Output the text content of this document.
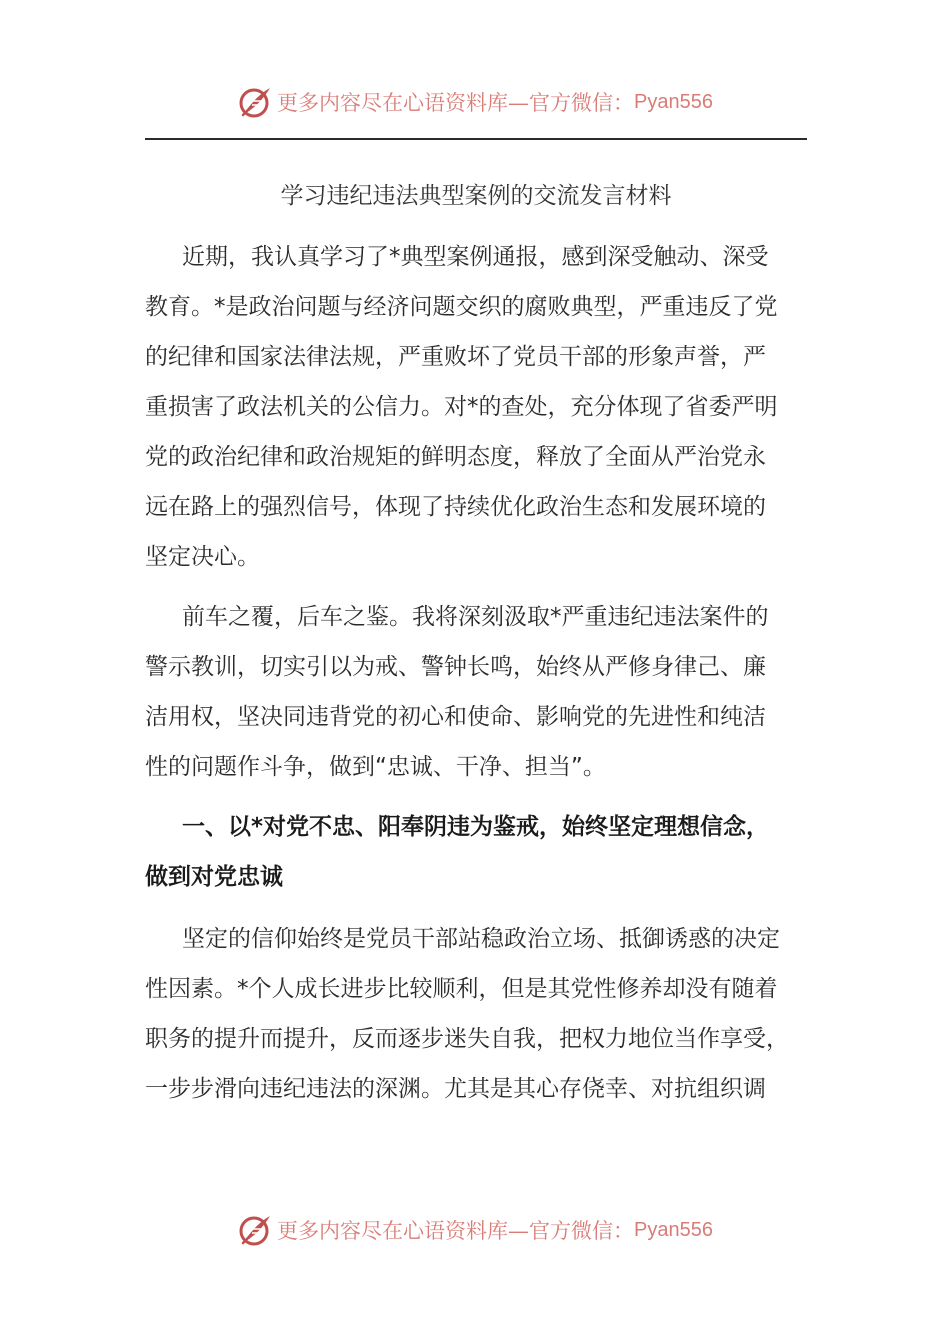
更多内容尽在心语资料库—官方微信： Pyan556
学习违纪违法典型案例的交流发言材料

近期，我认真学习了*典型案例通报，感到深受触动、深受
教育。*是政治问题与经济问题交织的腐败典型，严重违反了党
的纪律和国家法律法规，严重败坏了党员干部的形象声誉，严
重损害了政法机关的公信力。对*的查处，充分体现了省委严明
党的政治纪律和政治规矩的鲜明态度，释放了全面从严治党永
远在路上的强烈信号，体现了持续优化政治生态和发展环境的
坚定决心。

前车之覆，后车之鉴。我将深刻汲取*严重违纪违法案件的
警示教训，切实引以为戒、警钟长鸣，始终从严修身律己、廉
洁用权，坚决同违背党的初心和使命、影响党的先进性和纯洁
性的问题作斗争，做到“忠诚、干净、担当”。

一、以*对党不忠、阳奉阴违为鉴戒，始终坚定理想信念，
做到对党忠诚

坚定的信仰始终是党员干部站稳政治立场、抵御诱惑的决定
性因素。*个人成长进步比较顺利，但是其党性修养却没有随着
职务的提升而提升，反而逐步迷失自我，把权力地位当作享受，
一步步滑向违纪违法的深渊。尤其是其心存侥幸、对抗组织调

更多内容尽在心语资料库—官方微信： Pyan556
